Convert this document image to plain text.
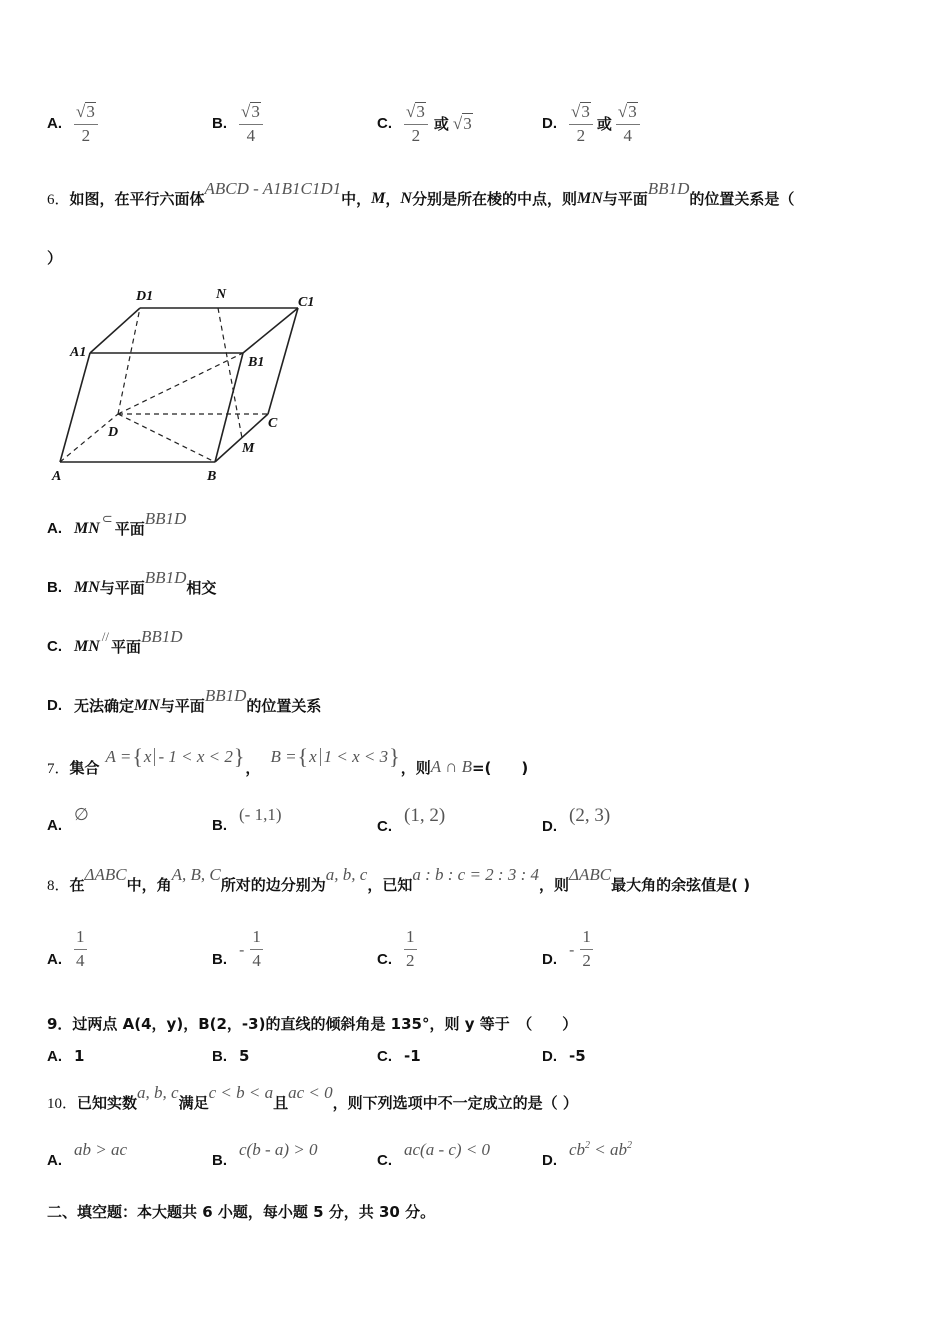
A. $\frac{√ 3}{2}$	B. $\frac{√ 3}{4}$	C. $\frac{√ 3}{2}$ 或 √ 3	D. $\frac{√ 3}{2}$ 或 $\frac{√ 3}{4}$
6． 如图，在平行六面体
ABCD - A1B1C1D1
中， M ， N 分别是所在棱的中点，则 MN 与平面
BB1D
的位置关系是（
）
D1	N
C1
A1
B1
D
C
M
A	B
A. MN
⊂
平面
BB1D
B. MN 与平面
BB1D
相交
C. MN
//
平面
BB1D
D. 无法确定 MN 与平面
BB1D
的位置关系
7． 集合
A = { x - 1 < x < 2 } ，
B = { x 1 < x < 3 } ，则 A ∩ B =(　　)
A.
∅
B.
(- 1,1)
C. (1, 2)	D. (2, 3)
8． 在
ΔABC
中，角
A, B, C
所对的边分别为
a, b, c
，已知
a : b : c = 2 : 3 : 4
，则
ΔABC
最大角的余弦值是( )
A. $\frac{1}{4}$	B.
- $\frac{1}{4}$	C. $\frac{1}{2}$	D.
- $\frac{1}{2}$
9．过两点 A(4，y)，B(2，-3)的直线的倾斜角是 135°，则 y 等于　（　　）
A. 1	B. 5	C. -1	D. -5
10． 已知实数
a, b, c
满足
c < b < a
且
ac < 0
，则下列选项中不一定成立的是（ ）
A.
ab > ac
B.
c(b - a) > 0
C.
ac(a - c) < 0
D.
$cb^2 < ab^2$
二、填空题：本大题共 6 小题，每小题 5 分，共 30 分。
